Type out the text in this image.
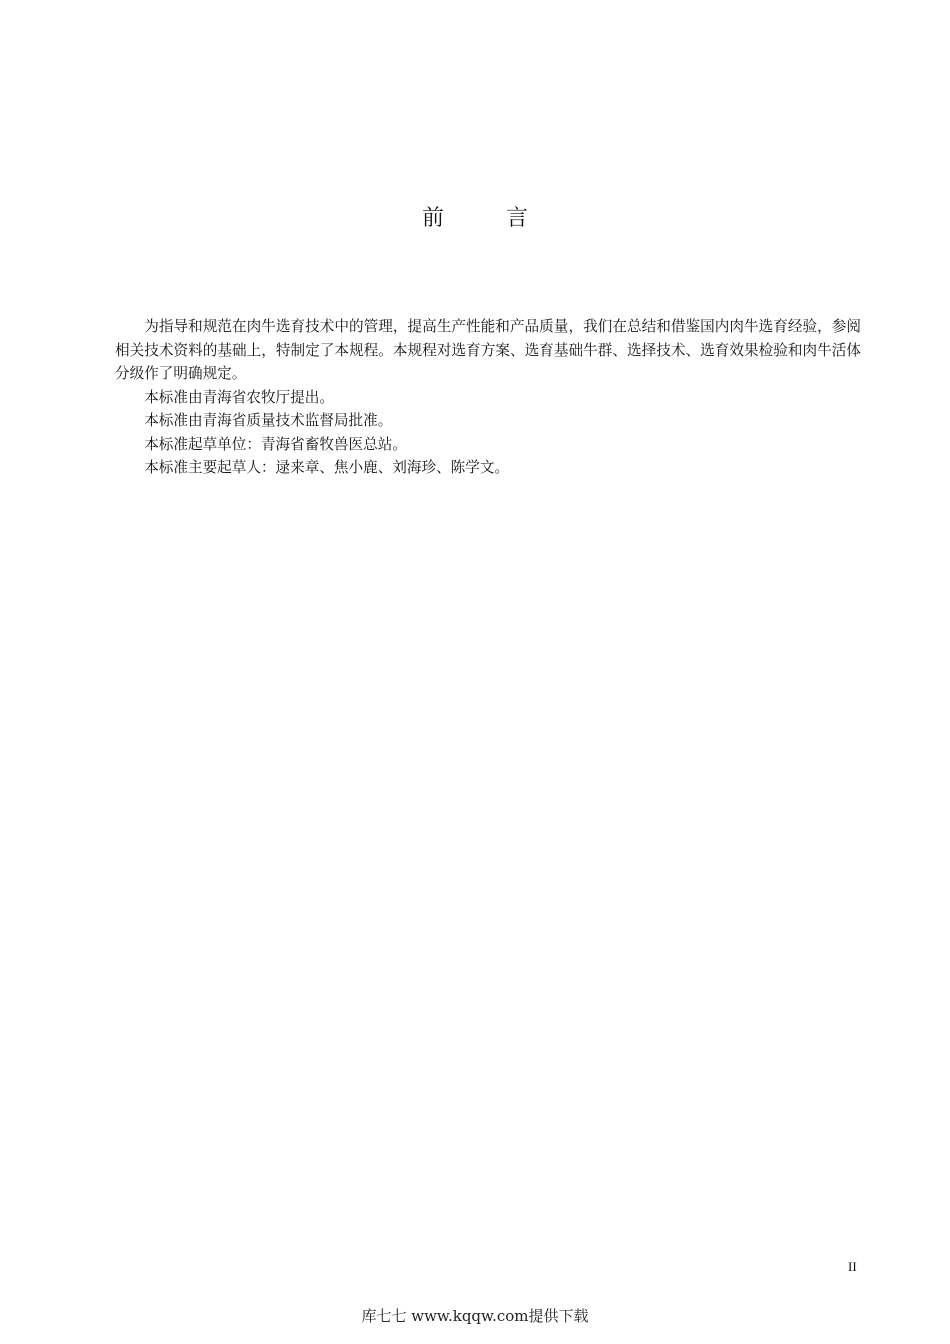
前	言

为指导和规范在肉牛选育技术中的管理，提高生产性能和产品质量，我们在总结和借鉴国内肉牛选育经验，参阅相关技术资料的基础上，特制定了本规程。本规程对选育方案、选育基础牛群、选择技术、选育效果检验和肉牛活体分级作了明确规定。

本标准由青海省农牧厅提出。

本标准由青海省质量技术监督局批准。

本标准起草单位：青海省畜牧兽医总站。

本标准主要起草人：逯来章、焦小鹿、刘海珍、陈学文。

II
库七七 www.kqqw.com提供下载
